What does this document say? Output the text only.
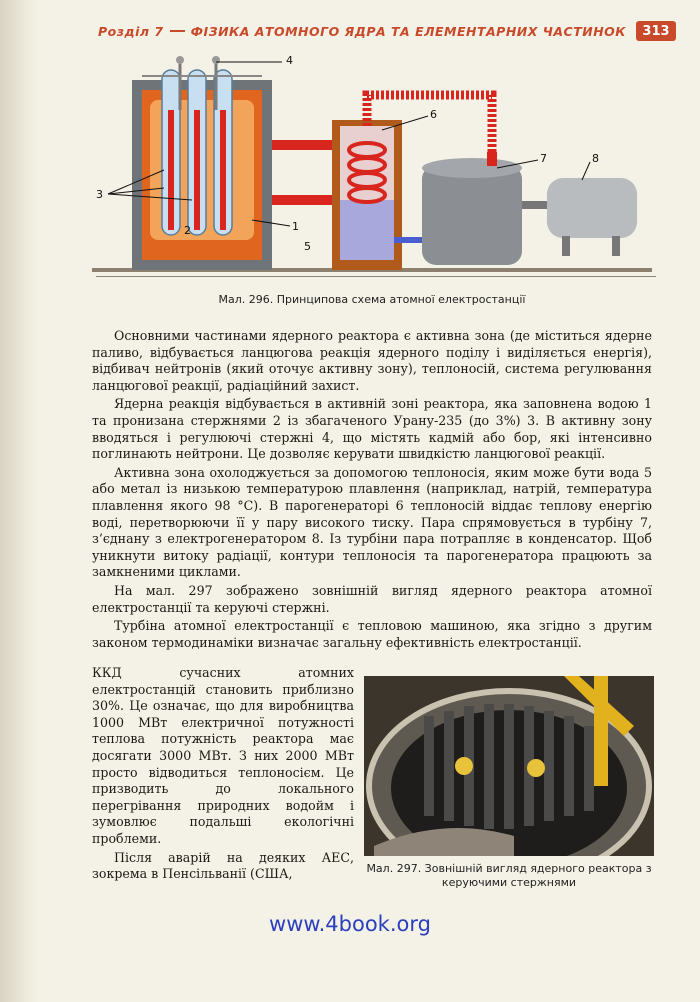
Розділ 7	ФІЗИКА АТОМНОГО ЯДРА ТА ЕЛЕМЕНТАРНИХ ЧАСТИНОК	313
1
2
3
4
5
6
7	8
Мал. 296. Принципова схема атомної електростанції

Основними частинами ядерного реактора є активна зона (де міститься ядерне паливо, відбувається ланцюгова реакція ядерного поділу і виділяється енергія), відбивач нейтронів (який оточує активну зону), теплоносій, система регулювання ланцюгової реакції, радіаційний захист.

Ядерна реакція відбувається в активній зоні реактора, яка заповнена водою 1 та пронизана стержнями 2 із збагаченого Урану-235 (до 3%) 3. В активну зону вводяться і регулюючі стержні 4, що містять кадмій або бор, які інтенсивно поглинають нейтрони. Це дозволяє керувати швидкістю ланцюгової реакції.

Активна зона охолоджується за допомогою теплоносія, яким може бути вода 5 або метал із низькою температурою плавлення (наприклад, натрій, температура плавлення якого 98 °С). В парогенераторі 6 теплоносій віддає теплову енергію воді, перетворюючи її у пару високого тиску. Пара спрямовується в турбіну 7, з’єднану з електрогенератором 8. Із турбіни пара потрапляє в конденсатор. Щоб уникнути витоку радіації, контури теплоносія та парогенератора працюють за замкненими циклами.

На мал. 297 зображено зовнішній вигляд ядерного реактора атомної електростанції та керуючі стержні.

Турбіна атомної електростанції є тепловою машиною, яка згідно з другим законом термодинаміки визначає загальну ефективність електростанції.

ККД сучасних атомних електростанцій становить приблизно 30%. Це означає, що для виробництва 1000 МВт електричної потужності теплова потужність реактора має досягати 3000 МВт. З них 2000 МВт просто відводиться теплоносієм. Це призводить до локального перегрівання природних водойм і зумовлює подальші екологічні проблеми.

Після аварій на деяких АЕС, зокрема в Пенсільванії (США,	Мал. 297. Зовнішній вигляд ядерного реактора з керуючими стержнями
www.4book.org
